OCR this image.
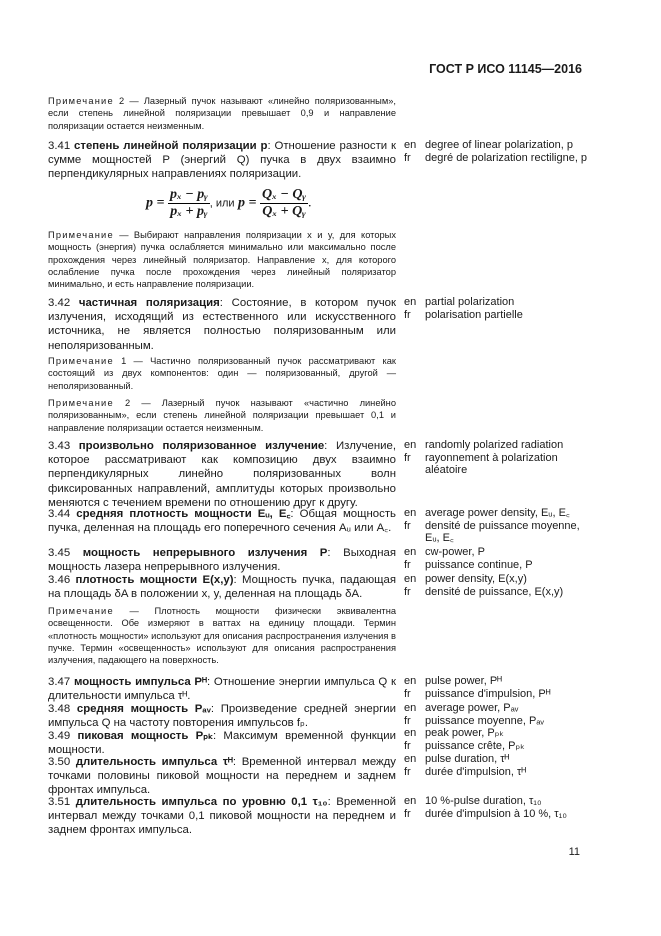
ГОСТ Р ИСО 11145—2016
Примечание 2 — Лазерный пучок называют «линейно поляризованным», если степень линейной поляризации превышает 0,9 и направление поляризации остается неизменным.
3.41 степень линейной поляризации p: Отношение разности к сумме мощностей P (энергий Q) пучка в двух взаимно перпендикулярных направлениях поляризации.
en degree of linear polarization, p
fr	degré de polarization rectiligne, p
$p = \frac{\text{pₓ − pᵧ}}{\text{pₓ + pᵧ}}$ , или $p = \frac{\text{Qₓ − Qᵧ}}{\text{Qₓ + Qᵧ}}$ .
Примечание — Выбирают направления поляризации x и y, для которых мощность (энергия) пучка ослабляется минимально или максимально после прохождения через линейный поляризатор. Направление x, для которого ослабление пучка после прохождения через линейный поляризатор минимально, и есть направление поляризации.
3.42 частичная поляризация: Состояние, в котором пучок излучения, исходящий из естественного или искусственного источника, не является полностью поляризованным или неполяризованным.
en partial polarization
fr	polarisation partielle
Примечание 1 — Частично поляризованный пучок рассматривают как состоящий из двух компонентов: один — поляризованный, другой — неполяризованный.
Примечание 2 — Лазерный пучок называют «частично линейно поляризованным», если степень линейной поляризации превышает 0,1 и направление поляризации остается неизменным.
3.43 произвольно поляризованное излучение: Излучение, которое рассматривают как композицию двух взаимно перпендикулярных линейно поляризованных волн фиксированных направлений, амплитуды которых произвольно меняются с течением времени по отношению друг к другу.
en randomly polarized radiation
fr	rayonnement à polarization aléatoire
3.44 средняя плотность мощности Eᵤ, E꜀: Общая мощность пучка, деленная на площадь его поперечного сечения Aᵤ или A꜀.
en average power density, Eᵤ, E꜀
fr	densité de puissance moyenne, Eᵤ, E꜀
3.45 мощность непрерывного излучения P: Выходная мощность лазера непрерывного излучения.
en cw-power, P
fr	puissance continue, P
3.46 плотность мощности E(x,y): Мощность пучка, падающая на площадь δA в положении x, y, деленная на площадь δA.
en power density, E(x,y)
fr	densité de puissance, E(x,y)
Примечание — Плотность мощности физически эквивалентна освещенности. Обе измеряют в ваттах на единицу площади. Термин «плотность мощности» используют для описания распространения излучения в пучке. Термин «освещенность» используют для описания распространения излучения, падающего на поверхность.
3.47 мощность импульса Pᴴ: Отношение энергии импульса Q к длительности импульса τᴴ.
en pulse power, Pᴴ
fr	puissance d'impulsion, Pᴴ
3.48 средняя мощность Pₐᵥ: Произведение средней энергии импульса Q на частоту повторения импульсов fₚ.
en average power, Pₐᵥ
fr	puissance moyenne, Pₐᵥ
3.49 пиковая мощность Pₚₖ: Максимум временной функции мощности.
en peak power, Pₚₖ
fr	puissance crête, Pₚₖ
3.50 длительность импульса τᴴ: Временной интервал между точками половины пиковой мощности на переднем и заднем фронтах импульса.
en pulse duration, τᴴ
fr	durée d'impulsion, τᴴ
3.51 длительность импульса по уровню 0,1 τ₁₀: Временной интервал между точками 0,1 пиковой мощности на переднем и заднем фронтах импульса.
en 10 %-pulse duration, τ₁₀
fr	durée d'impulsion à 10 %, τ₁₀
11
